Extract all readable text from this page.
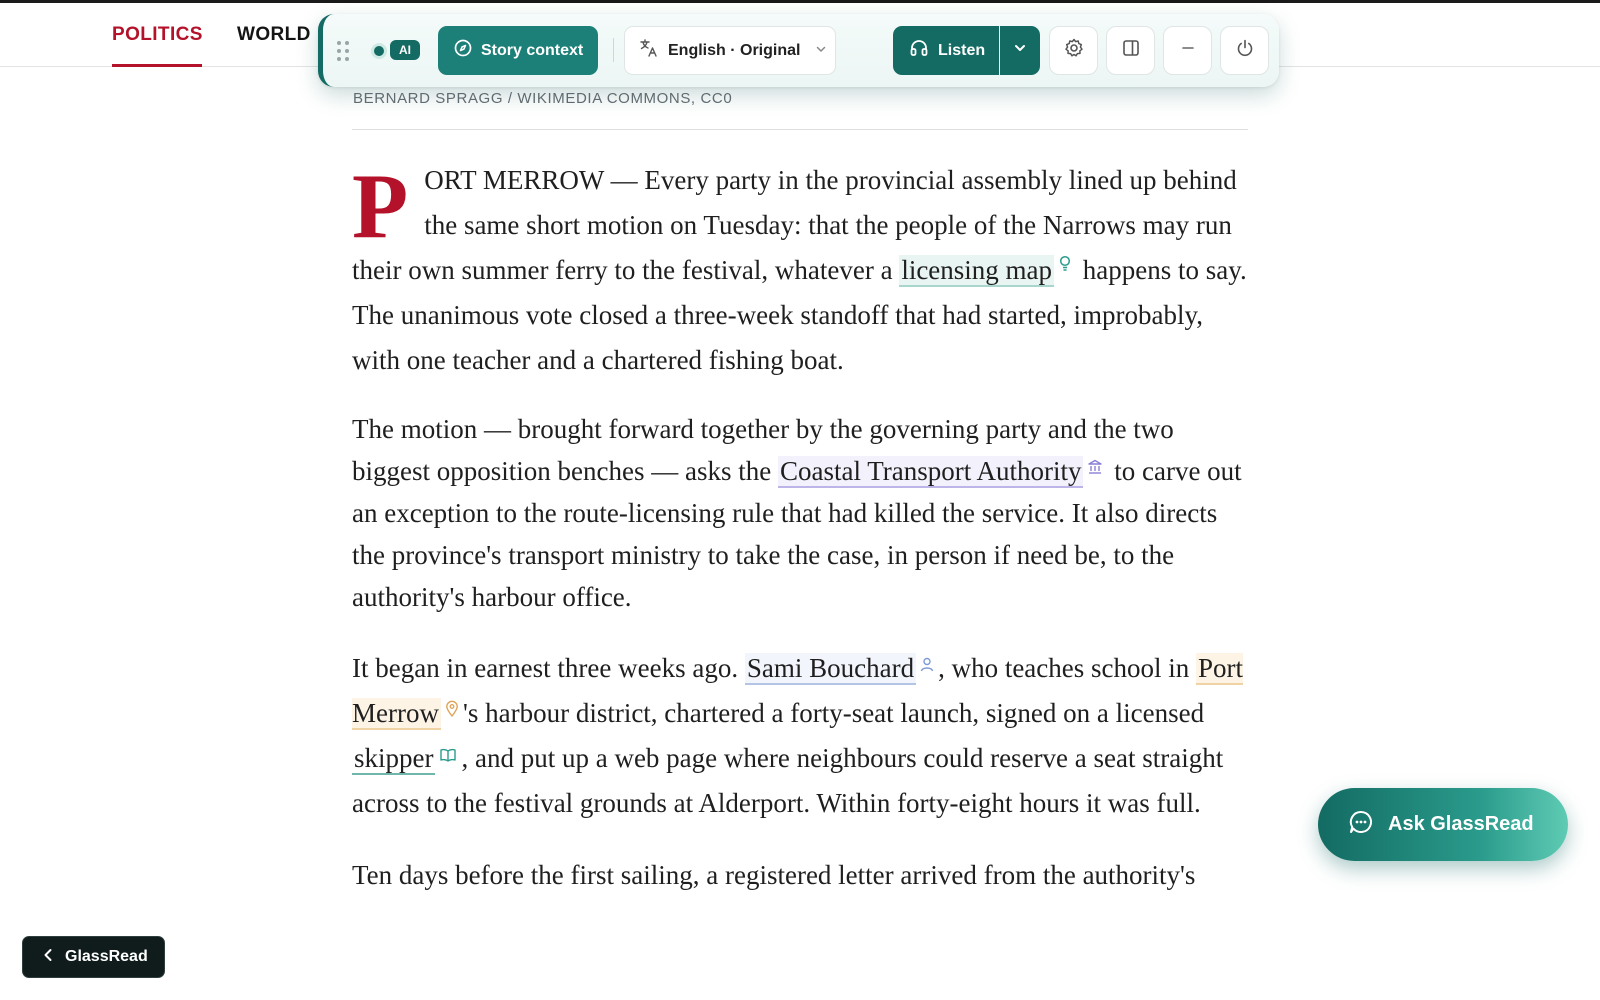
POLITICS WORLD
AI	Story context	English · Original	Listen
BERNARD SPRAGG / WIKIMEDIA COMMONS, CC0

PORT MERROW — Every party in the provincial assembly lined up behind the same short motion on Tuesday: that the people of the Narrows may run their own summer ferry to the festival, whatever a licensing map happens to say. The unanimous vote closed a three-week standoff that had started, improbably, with one teacher and a chartered fishing boat.

The motion — brought forward together by the governing party and the two biggest opposition benches — asks the Coastal Transport Authority to carve out an exception to the route-licensing rule that had killed the service. It also directs the province's transport ministry to take the case, in person if need be, to the authority's harbour office.

It began in earnest three weeks ago. Sami Bouchard , who teaches school in Port Merrow 's harbour district, chartered a forty-seat launch, signed on a licensed skipper , and put up a web page where neighbours could reserve a seat straight across to the festival grounds at Alderport. Within forty-eight hours it was full.

Ten days before the first sailing, a registered letter arrived from the authority's

Ask GlassRead
GlassRead
